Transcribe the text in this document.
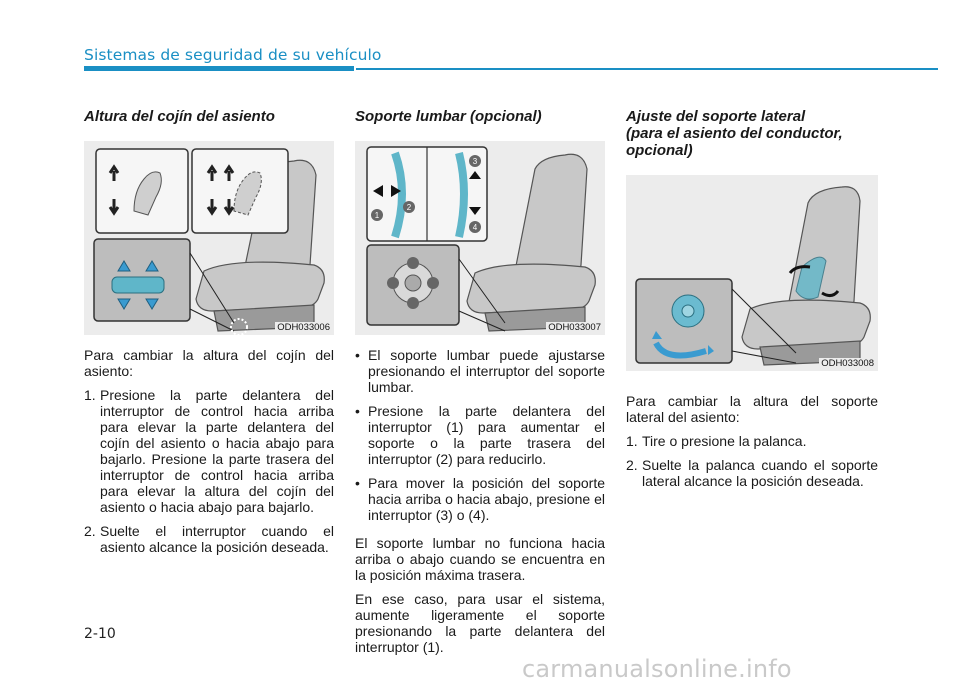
Sistemas de seguridad de su vehículo
Altura del cojín del asiento
ODH033006

Para cambiar la altura del cojín del asiento:

1. Presione la parte delantera del interruptor de control hacia arriba para elevar la parte delantera del cojín del asiento o hacia abajo para bajarlo. Presione la parte trasera del interruptor de control hacia arriba para elevar la altura del cojín del asiento o hacia abajo para bajarlo.
2. Suelte el interruptor cuando el asiento alcance la posición deseada.
Soporte lumbar (opcional)
1
2
3
4
ODH033007
• El soporte lumbar puede ajustarse presionando el interruptor del soporte lumbar.
• Presione la parte delantera del interruptor (1) para aumentar el soporte o la parte trasera del interruptor (2) para reducirlo.
• Para mover la posición del soporte hacia arriba o hacia abajo, presione el interruptor (3) o (4).

El soporte lumbar no funciona hacia arriba o abajo cuando se encuentra en la posición máxima trasera.

En ese caso, para usar el sistema, aumente ligeramente el soporte presionando la parte delantera del interruptor (1).

Ajuste del soporte lateral
(para el asiento del conductor,
opcional)
ODH033008

Para cambiar la altura del soporte lateral del asiento:

1. Tire o presione la palanca.
2. Suelte la palanca cuando el soporte lateral alcance la posición deseada.
2-10
carmanualsonline.info
